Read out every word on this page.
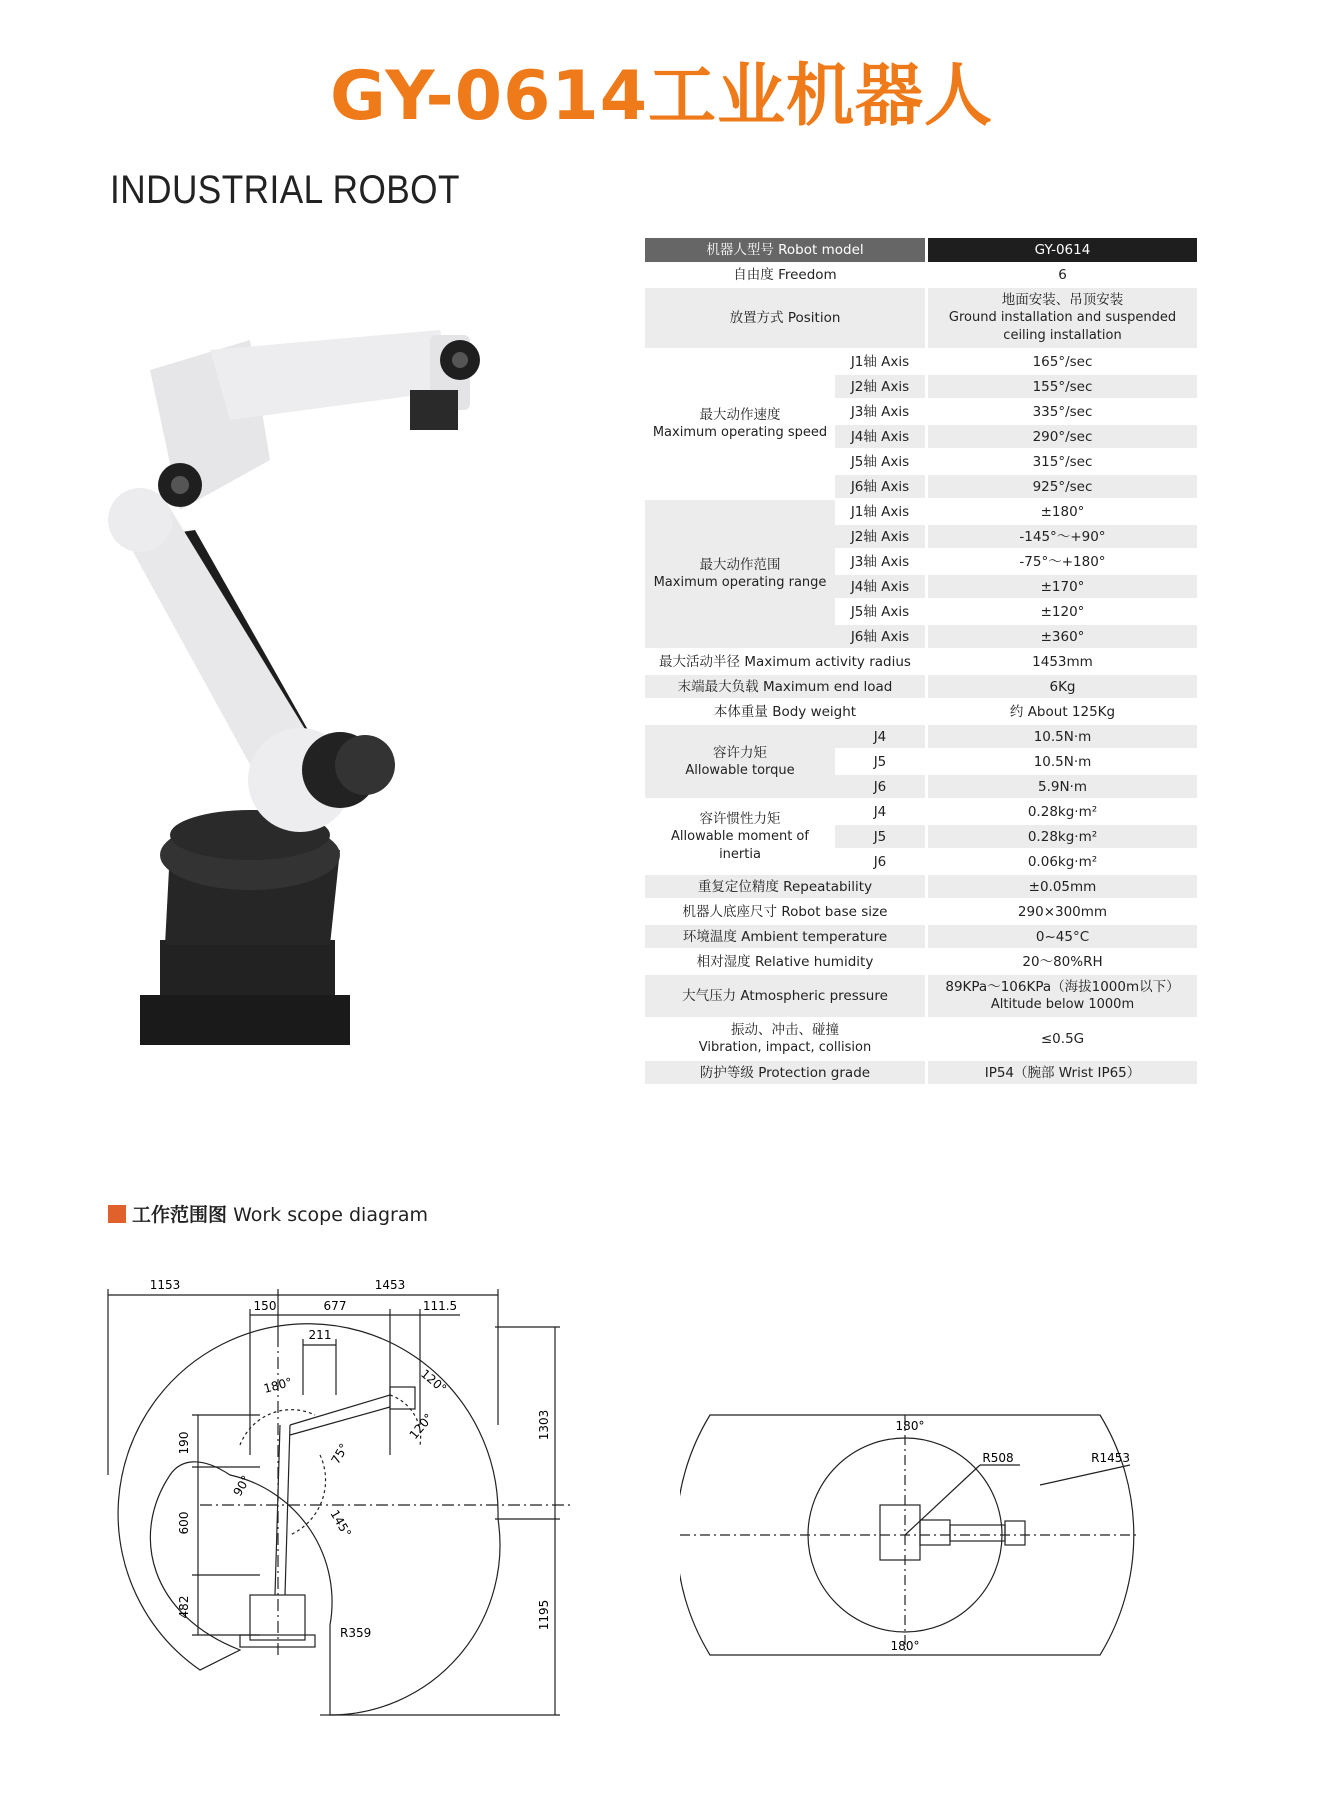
GY-0614工业机器人
INDUSTRIAL ROBOT
机器人型号 Robot model		GY-0614
自由度 Freedom		6
放置方式 Position		地面安装、吊顶安装
Ground installation and suspended
ceiling installation

最大动作速度
Maximum operating speed	J1轴 Axis	165°/sec
	J2轴 Axis	155°/sec
	J3轴 Axis	335°/sec
	J4轴 Axis	290°/sec
	J5轴 Axis	315°/sec
	J6轴 Axis	925°/sec

最大动作范围
Maximum operating range	J1轴 Axis	±180°
	J2轴 Axis	-145°～+90°
	J3轴 Axis	-75°～+180°
	J4轴 Axis	±170°
	J5轴 Axis	±120°
	J6轴 Axis	±360°
最大活动半径 Maximum activity radius		1453mm
末端最大负载 Maximum end load		6Kg
本体重量 Body weight		约 About 125Kg

容许力矩
Allowable torque	J4	10.5N·m
	J5	10.5N·m
	J6	5.9N·m

容许惯性力矩
Allowable moment of inertia	J4	0.28kg·m²
	J5	0.28kg·m²
	J6	0.06kg·m²
重复定位精度 Repeatability		±0.05mm
机器人底座尺寸 Robot base size		290×300mm
环境温度 Ambient temperature		0~45°C
相对湿度 Relative humidity		20～80%RH
大气压力 Atmospheric pressure		89KPa～106KPa（海拔1000m以下）
Altitude below 1000m

振动、冲击、碰撞
Vibration, impact, collision		≤0.5G
防护等级 Protection grade		IP54（腕部 Wrist IP65）
工作范围图 Work scope diagram
1153	1453
150	677	111.5
211
190
600
482
1303
1195
180°	120°
120°
75°
90°
145°
R359
180°
180°
R508	R1453
